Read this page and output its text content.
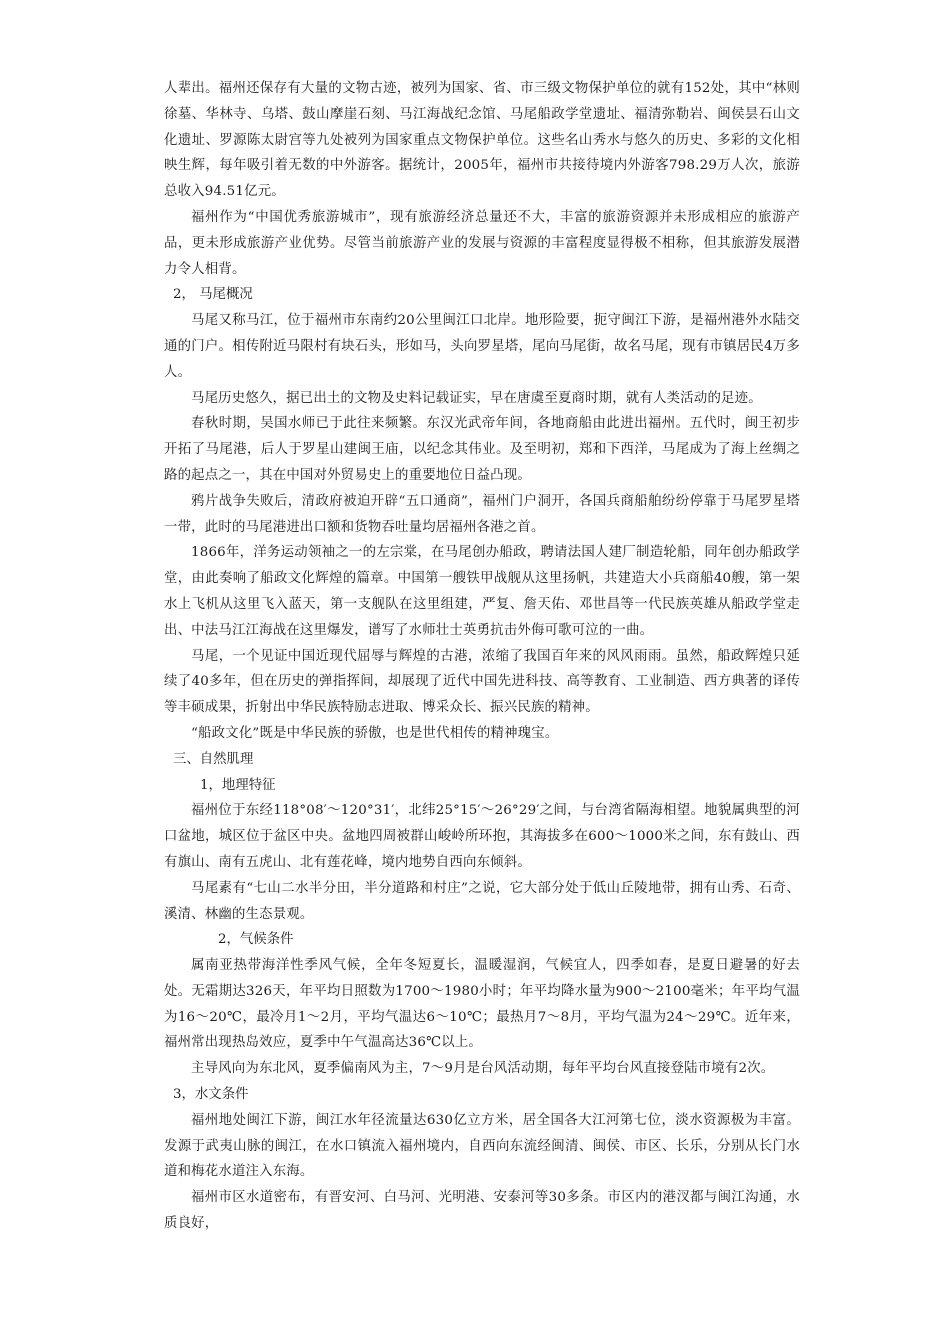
人辈出。福州还保存有大量的文物古迹，被列为国家、省、市三级文物保护单位的就有152处，其中“林则徐墓、华林寺、乌塔、鼓山摩崖石刻、马江海战纪念馆、马尾船政学堂遗址、福清弥勒岩、闽侯昙石山文化遗址、罗源陈太尉宫等九处被列为国家重点文物保护单位。这些名山秀水与悠久的历史、多彩的文化相映生辉，每年吸引着无数的中外游客。据统计，2005年，福州市共接待境内外游客798.29万人次，旅游总收入94.51亿元。

福州作为“中国优秀旅游城市”，现有旅游经济总量还不大，丰富的旅游资源并未形成相应的旅游产品，更未形成旅游产业优势。尽管当前旅游产业的发展与资源的丰富程度显得极不相称，但其旅游发展潜力令人相背。

2， 马尾概况

马尾又称马江，位于福州市东南约20公里闽江口北岸。地形险要，扼守闽江下游，是福州港外水陆交通的门户。相传附近马限村有块石头，形如马，头向罗星塔，尾向马尾街，故名马尾，现有市镇居民4万多人。

马尾历史悠久，据已出土的文物及史料记载证实，早在唐虞至夏商时期，就有人类活动的足迹。

春秋时期，吴国水师已于此往来频繁。东汉光武帝年间，各地商船由此进出福州。五代时，闽王初步开拓了马尾港，后人于罗星山建闽王庙，以纪念其伟业。及至明初，郑和下西洋，马尾成为了海上丝绸之路的起点之一，其在中国对外贸易史上的重要地位日益凸现。

鸦片战争失败后，清政府被迫开辟“五口通商”，福州门户洞开，各国兵商船舶纷纷停靠于马尾罗星塔一带，此时的马尾港进出口额和货物吞吐量均居福州各港之首。

1866年，洋务运动领袖之一的左宗棠，在马尾创办船政，聘请法国人建厂制造轮船，同年创办船政学堂，由此奏响了船政文化辉煌的篇章。中国第一艘铁甲战舰从这里扬帆，共建造大小兵商船40艘，第一架水上飞机从这里飞入蓝天，第一支舰队在这里组建，严复、詹天佑、邓世昌等一代民族英雄从船政学堂走出、中法马江江海战在这里爆发，谱写了水师壮士英勇抗击外侮可歌可泣的一曲。

马尾，一个见证中国近现代屈辱与辉煌的古港，浓缩了我国百年来的风风雨雨。虽然，船政辉煌只延续了40多年，但在历史的弹指挥间，却展现了近代中国先进科技、高等教育、工业制造、西方典著的译传等丰硕成果，折射出中华民族特励志进取、博采众长、振兴民族的精神。

“船政文化”既是中华民族的骄傲，也是世代相传的精神瑰宝。

三、自然肌理

1，地理特征

福州位于东经118°08′～120°31′，北纬25°15′～26°29′之间，与台湾省隔海相望。地貌属典型的河口盆地，城区位于盆区中央。盆地四周被群山峻岭所环抱，其海拔多在600～1000米之间，东有鼓山、西有旗山、南有五虎山、北有莲花峰，境内地势自西向东倾斜。

马尾素有“七山二水半分田，半分道路和村庄”之说，它大部分处于低山丘陵地带，拥有山秀、石奇、溪清、林幽的生态景观。

2，气候条件

属南亚热带海洋性季风气候，全年冬短夏长，温暖湿润，气候宜人，四季如春，是夏日避暑的好去处。无霜期达326天，年平均日照数为1700～1980小时；年平均降水量为900～2100毫米；年平均气温为16～20℃，最冷月1～2月，平均气温达6～10℃；最热月7～8月，平均气温为24～29℃。近年来，福州常出现热岛效应，夏季中午气温高达36℃以上。

主导风向为东北风，夏季偏南风为主，7～9月是台风活动期，每年平均台风直接登陆市境有2次。

3，水文条件

福州地处闽江下游，闽江水年径流量达630亿立方米，居全国各大江河第七位，淡水资源极为丰富。发源于武夷山脉的闽江，在水口镇流入福州境内，自西向东流经闽清、闽侯、市区、长乐，分别从长门水道和梅花水道注入东海。

福州市区水道密布，有晋安河、白马河、光明港、安泰河等30多条。市区内的港汊都与闽江沟通，水质良好，
